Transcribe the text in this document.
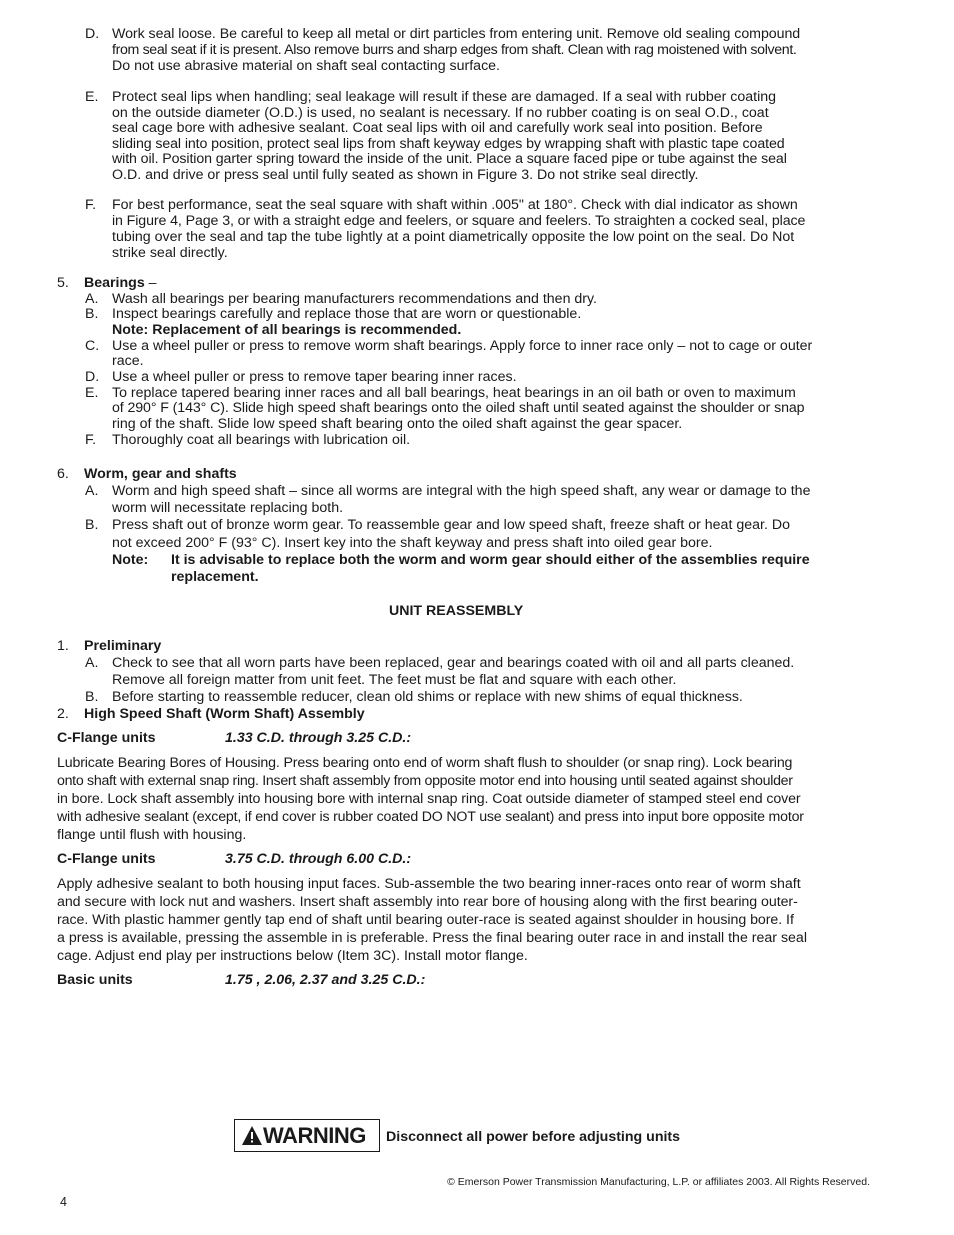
D. Work seal loose. Be careful to keep all metal or dirt particles from entering unit. Remove old sealing compound
from seal seat if it is present. Also remove burrs and sharp edges from shaft. Clean with rag moistened with solvent.
Do not use abrasive material on shaft seal contacting surface.
E. Protect seal lips when handling; seal leakage will result if these are damaged. If a seal with rubber coating
on the outside diameter (O.D.) is used, no sealant is necessary. If no rubber coating is on seal O.D., coat
seal cage bore with adhesive sealant. Coat seal lips with oil and carefully work seal into position. Before
sliding seal into position, protect seal lips from shaft keyway edges by wrapping shaft with plastic tape coated
with oil. Position garter spring toward the inside of the unit. Place a square faced pipe or tube against the seal
O.D. and drive or press seal until fully seated as shown in Figure 3. Do not strike seal directly.
F. For best performance, seat the seal square with shaft within .005" at 180°. Check with dial indicator as shown
in Figure 4, Page 3, or with a straight edge and feelers, or square and feelers. To straighten a cocked seal, place
tubing over the seal and tap the tube lightly at a point diametrically opposite the low point on the seal. Do Not
strike seal directly.
5. Bearings –
A. Wash all bearings per bearing manufacturers recommendations and then dry.
B. Inspect bearings carefully and replace those that are worn or questionable.
Note: Replacement of all bearings is recommended.
C. Use a wheel puller or press to remove worm shaft bearings. Apply force to inner race only – not to cage or outer
race.
D. Use a wheel puller or press to remove taper bearing inner races.
E. To replace tapered bearing inner races and all ball bearings, heat bearings in an oil bath or oven to maximum
of 290° F (143° C). Slide high speed shaft bearings onto the oiled shaft until seated against the shoulder or snap
ring of the shaft. Slide low speed shaft bearing onto the oiled shaft against the gear spacer.
F. Thoroughly coat all bearings with lubrication oil.
6. Worm, gear and shafts
A. Worm and high speed shaft – since all worms are integral with the high speed shaft, any wear or damage to the
worm will necessitate replacing both.
B. Press shaft out of bronze worm gear. To reassemble gear and low speed shaft, freeze shaft or heat gear. Do
not exceed 200° F (93° C). Insert key into the shaft keyway and press shaft into oiled gear bore.
Note: It is advisable to replace both the worm and worm gear should either of the assemblies require
replacement.
UNIT REASSEMBLY
1. Preliminary
A. Check to see that all worn parts have been replaced, gear and bearings coated with oil and all parts cleaned.
Remove all foreign matter from unit feet. The feet must be flat and square with each other.
B. Before starting to reassemble reducer, clean old shims or replace with new shims of equal thickness.
2. High Speed Shaft (Worm Shaft) Assembly
C-Flange units	1.33 C.D. through 3.25 C.D.:
Lubricate Bearing Bores of Housing. Press bearing onto end of worm shaft flush to shoulder (or snap ring). Lock bearing
onto shaft with external snap ring. Insert shaft assembly from opposite motor end into housing until seated against shoulder
in bore. Lock shaft assembly into housing bore with internal snap ring. Coat outside diameter of stamped steel end cover
with adhesive sealant (except, if end cover is rubber coated DO NOT use sealant) and press into input bore opposite motor
flange until flush with housing.
C-Flange units	3.75 C.D. through 6.00 C.D.:
Apply adhesive sealant to both housing input faces. Sub-assemble the two bearing inner-races onto rear of worm shaft
and secure with lock nut and washers. Insert shaft assembly into rear bore of housing along with the first bearing outer-
race. With plastic hammer gently tap end of shaft until bearing outer-race is seated against shoulder in housing bore. If
a press is available, pressing the assemble in is preferable. Press the final bearing outer race in and install the rear seal
cage. Adjust end play per instructions below (Item 3C). Install motor flange.
Basic units	1.75 , 2.06, 2.37 and 3.25 C.D.:
WARNING Disconnect all power before adjusting units
© Emerson Power Transmission Manufacturing, L.P. or affiliates 2003. All Rights Reserved.
4
